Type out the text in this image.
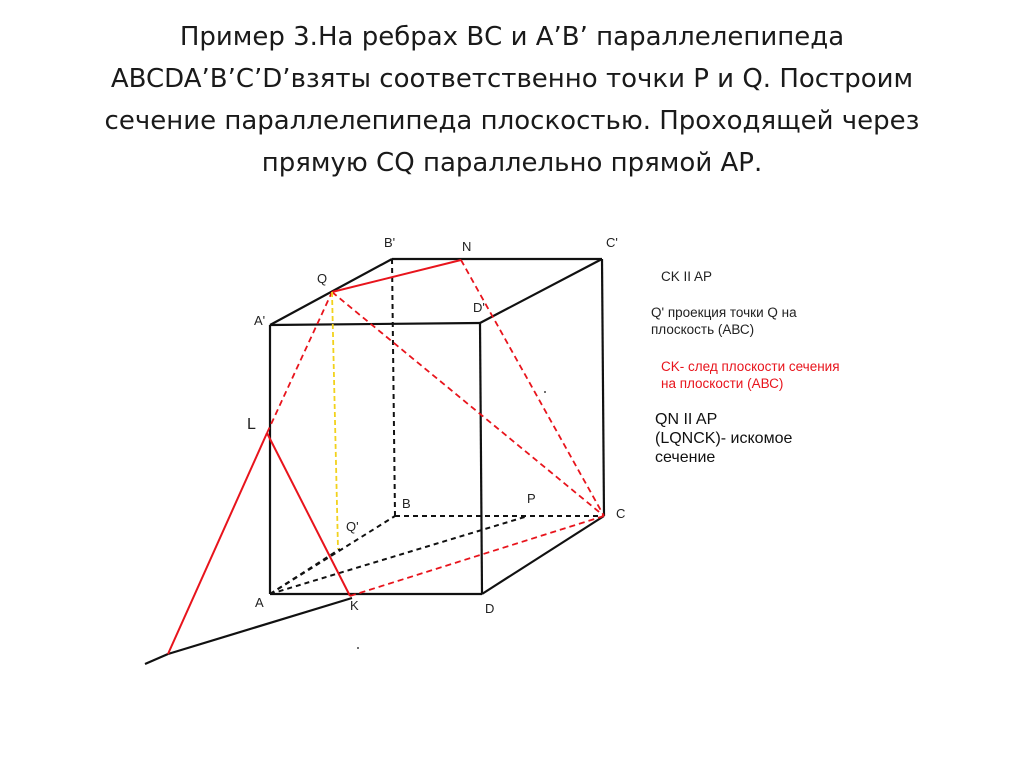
Пример 3.На ребрах ВС и А’В’ параллелепипеда
ABCDA’B’C’D’взяты соответственно точки Р и Q. Построим
сечение параллелепипеда плоскостью. Проходящей через
прямую CQ параллельно прямой АР.
B'	N	C'
Q
D'
A'
L
B	P
C
Q'
A	K	D
CK II AP
Q' проекция точки Q на
плоскость (АВС)
CK- след плоскости сечения
на плоскости (АВС)
QN II AP
(LQNCK)- искомое
сечение
